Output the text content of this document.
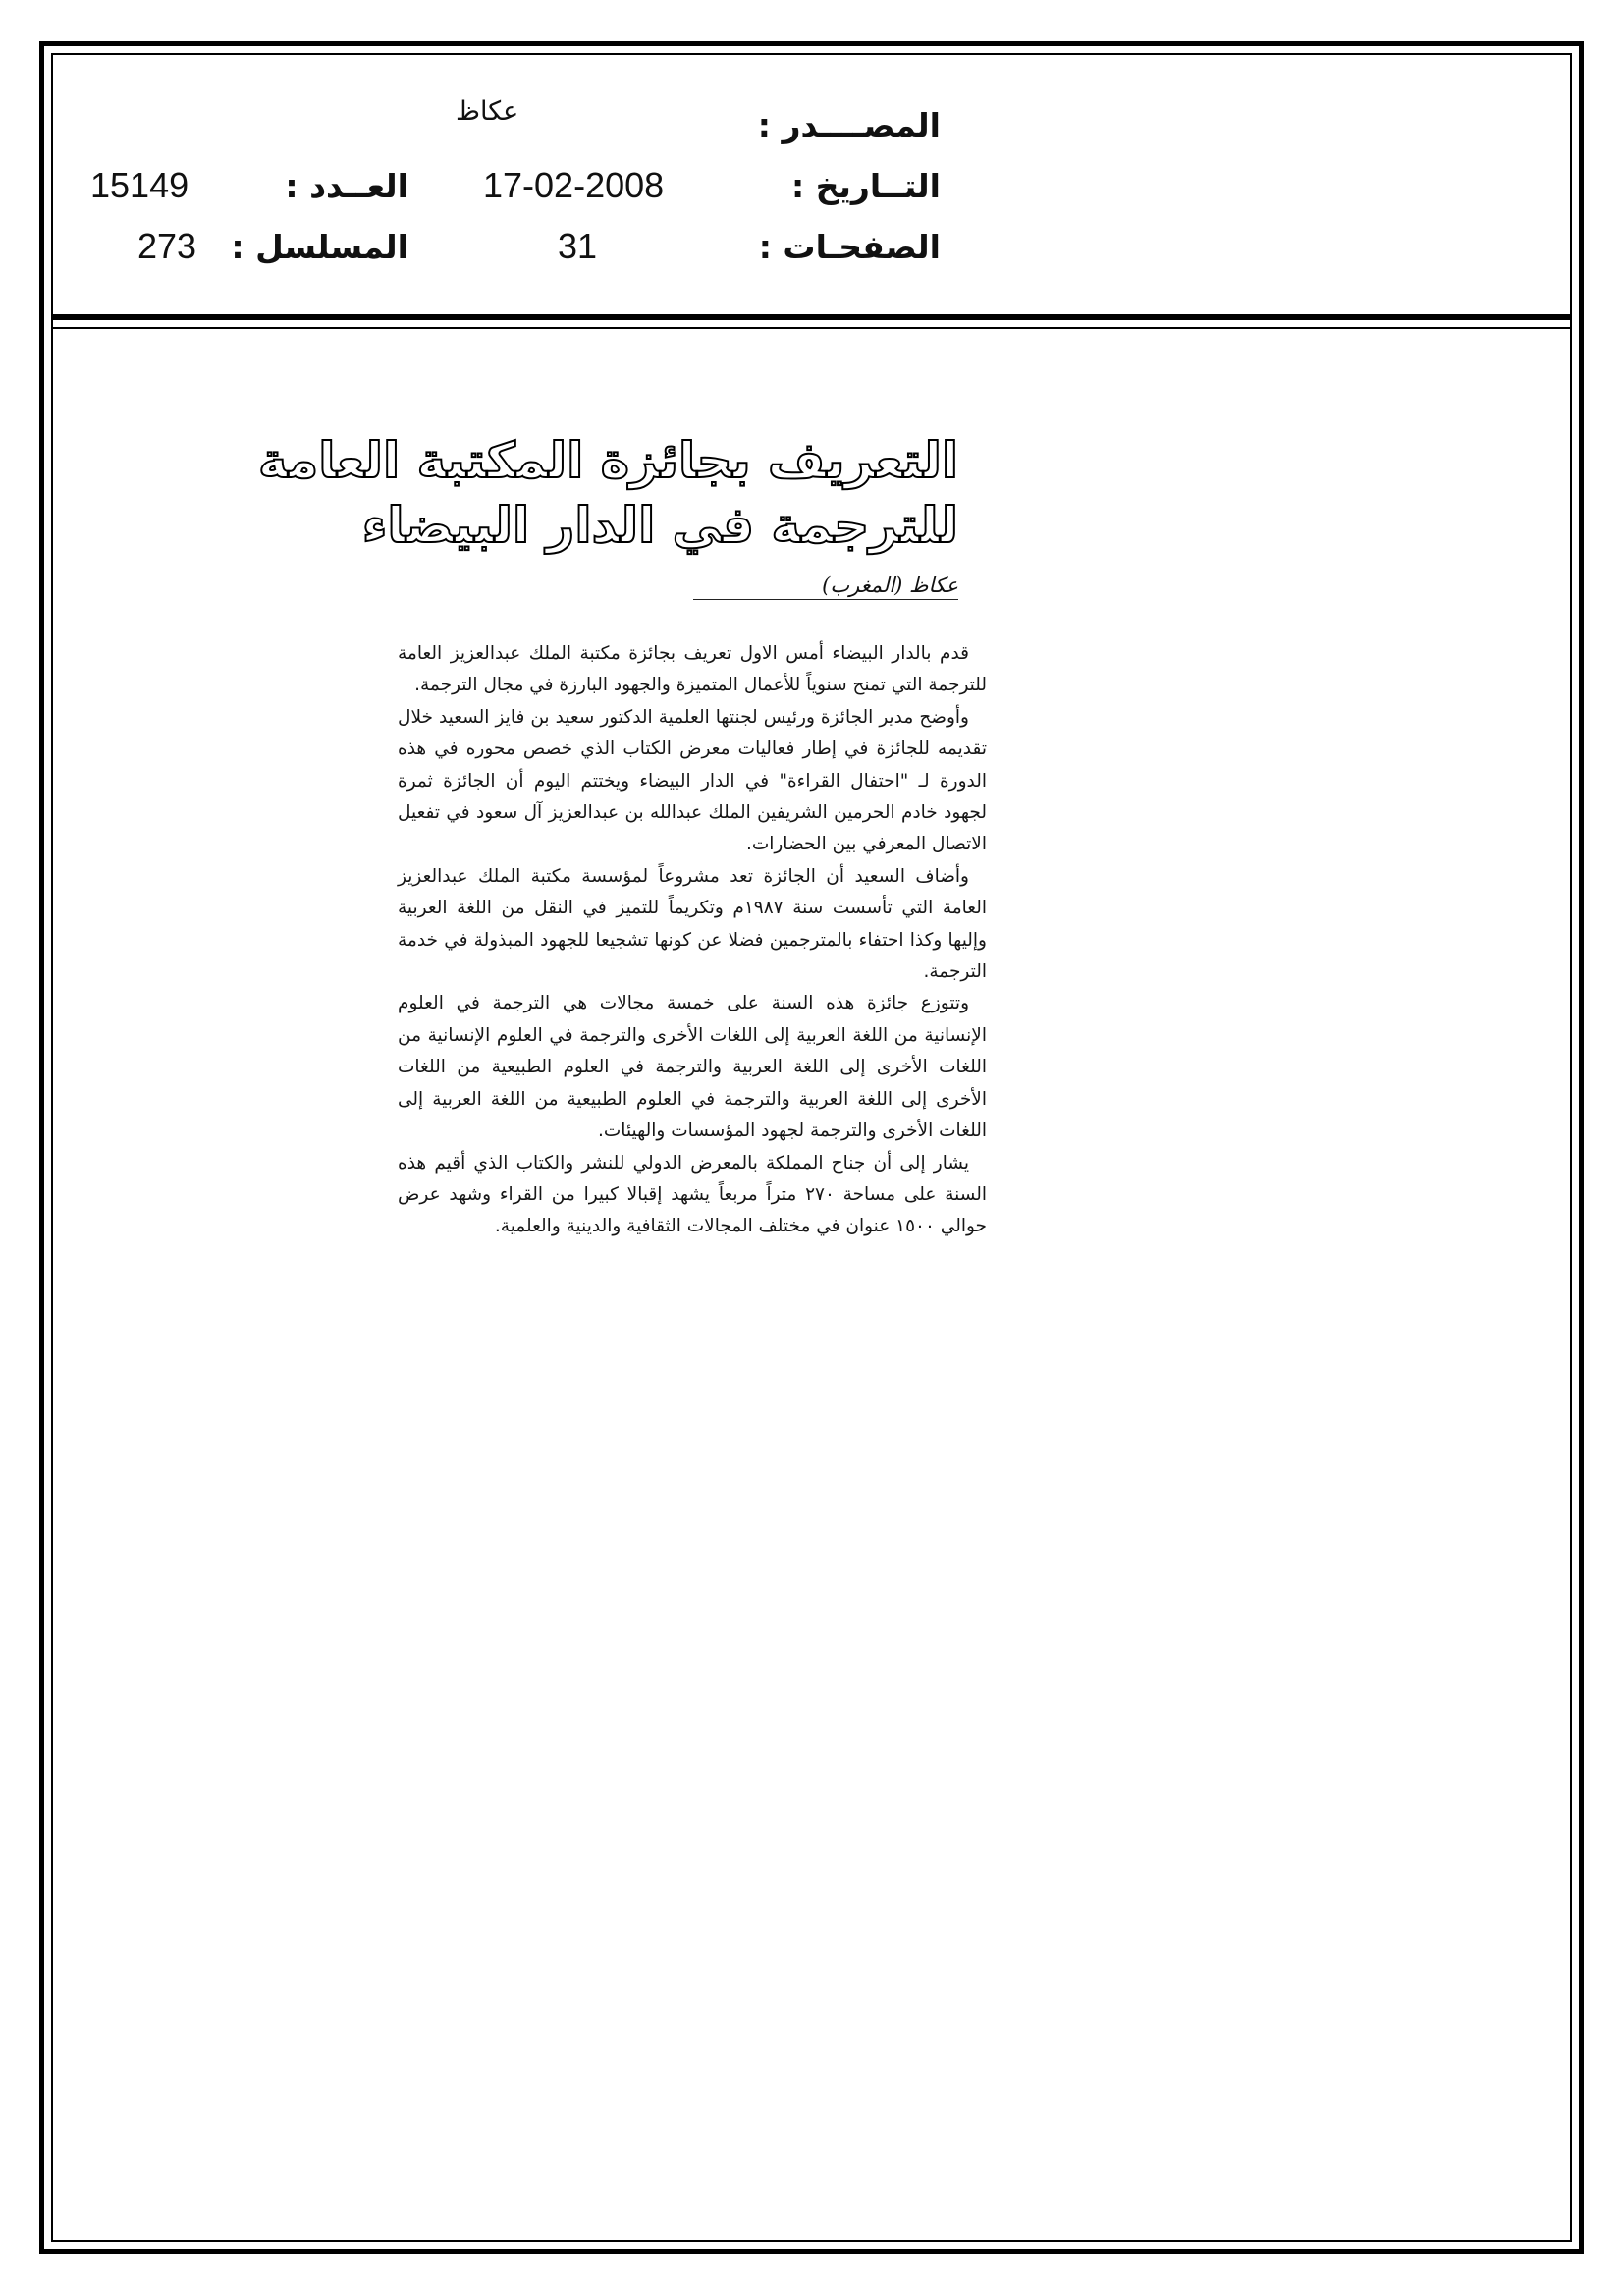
المصــــدر :
عكاظ
التــاريخ :
17-02-2008
العــدد :
15149
الصفحـات :
31
المسلسل :
273
التعريف بجائزة المكتبة العامة
للترجمة في الدار البيضاء
عكاظ (المغرب)

قدم بالدار البيضاء أمس الاول تعريف بجائزة مكتبة الملك عبدالعزيز العامة للترجمة التي تمنح سنوياً للأعمال المتميزة والجهود البارزة في مجال الترجمة.

وأوضح مدير الجائزة ورئيس لجنتها العلمية الدكتور سعيد بن فايز السعيد خلال تقديمه للجائزة في إطار فعاليات معرض الكتاب الذي خصص محوره في هذه الدورة لـ "احتفال القراءة" في الدار البيضاء ويختتم اليوم أن الجائزة ثمرة لجهود خادم الحرمين الشريفين الملك عبدالله بن عبدالعزيز آل سعود في تفعيل الاتصال المعرفي بين الحضارات.

وأضاف السعيد أن الجائزة تعد مشروعاً لمؤسسة مكتبة الملك عبدالعزيز العامة التي تأسست سنة ١٩٨٧م وتكريماً للتميز في النقل من اللغة العربية وإليها وكذا احتفاء بالمترجمين فضلا عن كونها تشجيعا للجهود المبذولة في خدمة الترجمة.

وتتوزع جائزة هذه السنة على خمسة مجالات هي الترجمة في العلوم الإنسانية من اللغة العربية إلى اللغات الأخرى والترجمة في العلوم الإنسانية من اللغات الأخرى إلى اللغة العربية والترجمة في العلوم الطبيعية من اللغات الأخرى إلى اللغة العربية والترجمة في العلوم الطبيعية من اللغة العربية إلى اللغات الأخرى والترجمة لجهود المؤسسات والهيئات.

يشار إلى أن جناح المملكة بالمعرض الدولي للنشر والكتاب الذي أقيم هذه السنة على مساحة ٢٧٠ متراً مربعاً يشهد إقبالا كبيرا من القراء وشهد عرض حوالي ١٥٠٠ عنوان في مختلف المجالات الثقافية والدينية والعلمية.
